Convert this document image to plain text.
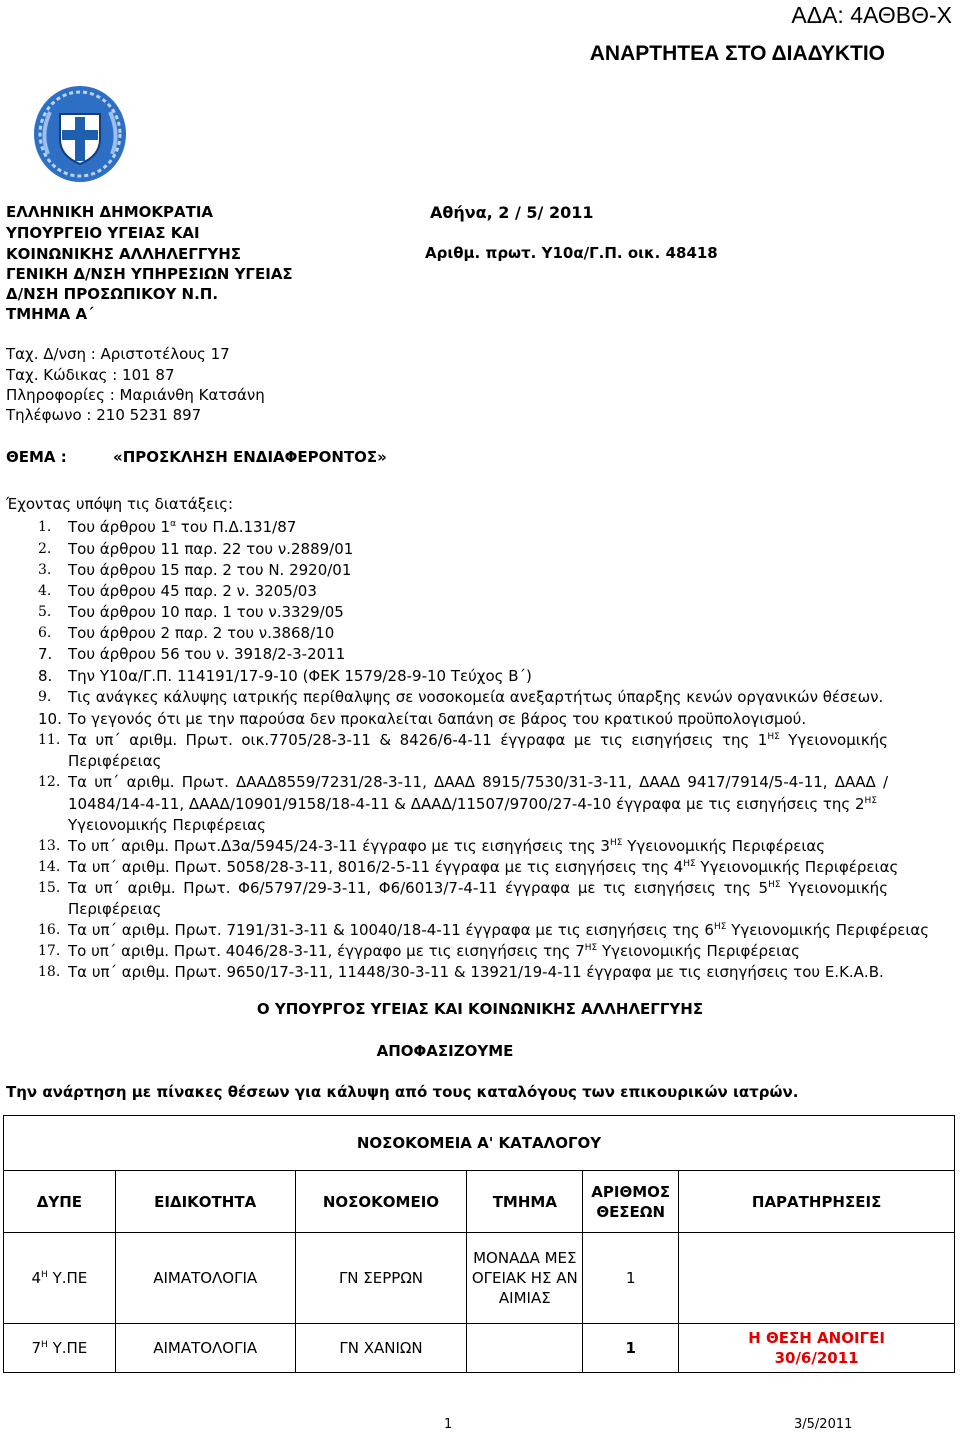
ΑΔΑ: 4ΑΘΒΘ-Χ
ΑΝΑΡΤΗΤΕΑ ΣΤΟ ΔΙΑΔΥΚΤΙΟ
ΕΛΛΗΝΙΚΗ ΔΗΜΟΚΡΑΤΙΑ
ΥΠΟΥΡΓΕΙΟ ΥΓΕΙΑΣ ΚΑΙ
ΚΟΙΝΩΝΙΚΗΣ ΑΛΛΗΛΕΓΓΥΗΣ
ΓΕΝΙΚΗ Δ/ΝΣΗ ΥΠΗΡΕΣΙΩΝ ΥΓΕΙΑΣ
Δ/ΝΣΗ ΠΡΟΣΩΠΙΚΟΥ Ν.Π.
ΤΜΗΜΑ Α΄
Αθήνα, 2 / 5/ 2011
Αριθμ. πρωτ. Υ10α/Γ.Π. οικ. 48418
Ταχ. Δ/νση : Αριστοτέλους 17
Ταχ. Κώδικας : 101 87
Πληροφορίες : Μαριάνθη Κατσάνη
Τηλέφωνο : 210 5231 897
ΘΕΜΑ :	«ΠΡΟΣΚΛΗΣΗ ΕΝΔΙΑΦΕΡΟΝΤΟΣ»
Έχοντας υπόψη τις διατάξεις:
1. Του άρθρου $1^\alpha$ του Π.Δ.131/87
2. Του άρθρου 11 παρ. 22 του ν.2889/01
3. Του άρθρου 15 παρ. 2 του Ν. 2920/01
4. Του άρθρου 45 παρ. 2 ν. 3205/03
5. Του άρθρου 10 παρ. 1 του ν.3329/05
6. Του άρθρου 2 παρ. 2 του ν.3868/10
7. Του άρθρου 56 του ν. 3918/2-3-2011
8. Την Υ10α/Γ.Π. 114191/17-9-10 (ΦΕΚ 1579/28-9-10 Τεύχος Β΄)
9. Τις ανάγκες κάλυψης ιατρικής περίθαλψης σε νοσοκομεία ανεξαρτήτως ύπαρξης κενών οργανικών θέσεων.
10. Το γεγονός ότι με την παρούσα δεν προκαλείται δαπάνη σε βάρος του κρατικού προϋπολογισμού.
11. Τα υπ΄ αριθμ. Πρωτ. οικ.7705/28-3-11 & 8426/6-4-11 έγγραφα με τις εισηγήσεις της $1^{H\Sigma}$ Υγειονομικής
Περιφέρειας
12. Τα υπ΄ αριθμ. Πρωτ. ΔΑΑΔ8559/7231/28-3-11, ΔΑΑΔ 8915/7530/31-3-11, ΔΑΑΔ 9417/7914/5-4-11, ΔΑΑΔ /
10484/14-4-11, ΔΑΑΔ/10901/9158/18-4-11 & ΔΑΑΔ/11507/9700/27-4-10 έγγραφα με τις εισηγήσεις της $2^{H\Sigma}$
Υγειονομικής Περιφέρειας
13. Το υπ΄ αριθμ. Πρωτ.Δ3α/5945/24-3-11 έγγραφο με τις εισηγήσεις της $3^{H\Sigma}$ Υγειονομικής Περιφέρειας
14. Τα υπ΄ αριθμ. Πρωτ. 5058/28-3-11, 8016/2-5-11 έγγραφα με τις εισηγήσεις της $4^{H\Sigma}$ Υγειονομικής Περιφέρειας
15. Τα υπ΄ αριθμ. Πρωτ. Φ6/5797/29-3-11, Φ6/6013/7-4-11 έγγραφα με τις εισηγήσεις της $5^{H\Sigma}$ Υγειονομικής
Περιφέρειας
16. Τα υπ΄ αριθμ. Πρωτ. 7191/31-3-11 & 10040/18-4-11 έγγραφα με τις εισηγήσεις της $6^{H\Sigma}$ Υγειονομικής Περιφέρειας
17. Το υπ΄ αριθμ. Πρωτ. 4046/28-3-11, έγγραφο με τις εισηγήσεις της $7^{H\Sigma}$ Υγειονομικής Περιφέρειας
18. Τα υπ΄ αριθμ. Πρωτ. 9650/17-3-11, 11448/30-3-11 & 13921/19-4-11 έγγραφα με τις εισηγήσεις του Ε.Κ.Α.Β.
Ο ΥΠΟΥΡΓΟΣ ΥΓΕΙΑΣ ΚΑΙ ΚΟΙΝΩΝΙΚΗΣ ΑΛΛΗΛΕΓΓΥΗΣ
ΑΠΟΦΑΣΙΖΟΥΜΕ
Την ανάρτηση με πίνακες θέσεων για κάλυψη από τους καταλόγους των επικουρικών ιατρών.
ΝΟΣΟΚΟΜΕΙΑ Α' ΚΑΤΑΛΟΓΟΥ					
ΔΥΠΕ	ΕΙΔΙΚΟΤΗΤΑ	ΝΟΣΟΚΟΜΕΙΟ	ΤΜΗΜΑ	ΑΡΙΘΜΟΣ ΘΕΣΕΩΝ	ΠΑΡΑΤΗΡΗΣΕΙΣ
$4^H$ Υ.ΠΕ	ΑΙΜΑΤΟΛΟΓΙΑ	ΓΝ ΣΕΡΡΩΝ	ΜΟΝΑΔΑ ΜΕΣΟΓΕΙΑΚ ΗΣ ΑΝΑΙΜΙΑΣ	1	
$7^H$ Υ.ΠΕ	ΑΙΜΑΤΟΛΟΓΙΑ	ΓΝ ΧΑΝΙΩΝ		1	Η ΘΕΣΗ ΑΝΟΙΓΕΙ 30/6/2011
1	3/5/2011
